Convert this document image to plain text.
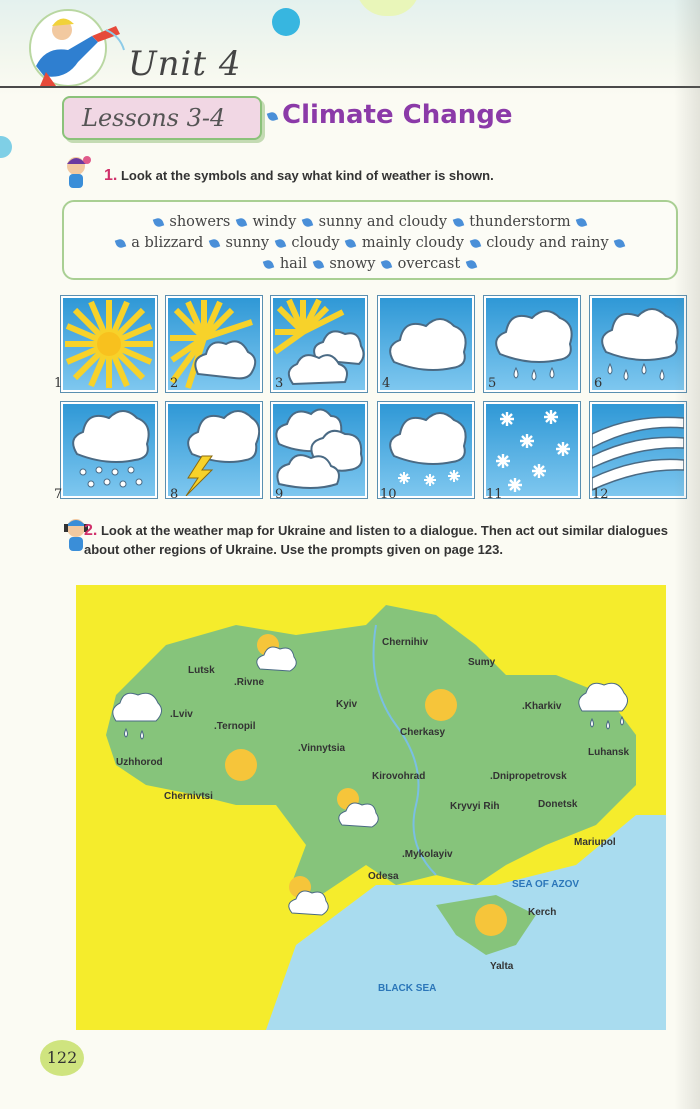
Unit 4
Lessons 3-4 Climate Change
1. Look at the symbols and say what kind of weather is shown.
showers windy sunny and cloudy thunderstorm
a blizzard sunny cloudy mainly cloudy cloudy and rainy
hail snowy overcast
1	2	3	4	5	6
7	8	9	10	11	12
2. Look at the weather map for Ukraine and listen to a dialogue. Then act out similar dialogues about other regions of Ukraine. Use the prompts given on page 123.
Chernihiv
Sumy
Lutsk
.Rivne
.Lviv
Kyiv	.Kharkiv
.Ternopil
Cherkasy
.Vinnytsia	Luhansk
Uzhhorod
Kirovohrad	.Dnipropetrovsk
Chernivtsi
Kryvyi Rih	Donetsk
Mariupol
.Mykolayiv
Odesa
SEA OF AZOV
Kerch
Yalta
BLACK SEA
122
